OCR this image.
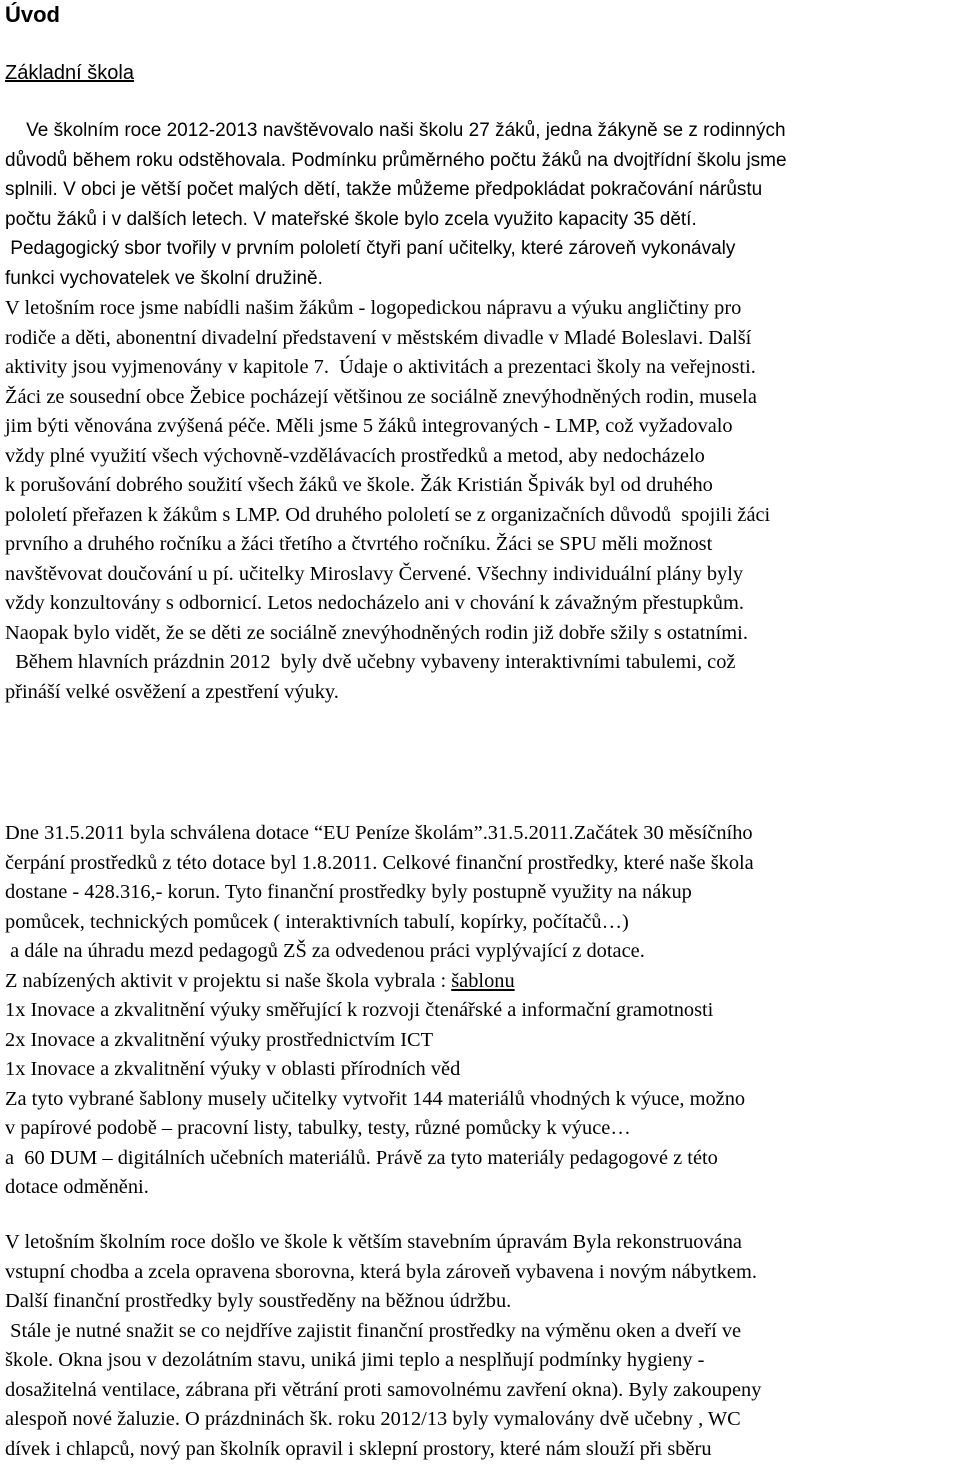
Úvod
Základní škola
Ve školním roce 2012-2013 navštěvovalo naši školu 27 žáků, jedna žákyně se z rodinných
důvodů během roku odstěhovala. Podmínku průměrného počtu žáků na dvojtřídní školu jsme
splnili. V obci je větší počet malých dětí, takže můžeme předpokládat pokračování nárůstu
počtu žáků i v dalších letech. V mateřské škole bylo zcela využito kapacity 35 dětí.
Pedagogický sbor tvořily v prvním pololetí čtyři paní učitelky, které zároveň vykonávaly
funkci vychovatelek ve školní družině.
V letošním roce jsme nabídli našim žákům - logopedickou nápravu a výuku angličtiny pro
rodiče a děti, abonentní divadelní představení v městském divadle v Mladé Boleslavi. Další
aktivity jsou vyjmenovány v kapitole 7.  Údaje o aktivitách a prezentaci školy na veřejnosti.
Žáci ze sousední obce Žebice pocházejí většinou ze sociálně znevýhodněných rodin, musela
jim býti věnována zvýšená péče. Měli jsme 5 žáků integrovaných - LMP, což vyžadovalo
vždy plné využití všech výchovně-vzdělávacích prostředků a metod, aby nedocházelo
k porušování dobrého soužití všech žáků ve škole. Žák Kristián Špivák byl od druhého
pololetí přeřazen k žákům s LMP. Od druhého pololetí se z organizačních důvodů  spojili žáci
prvního a druhého ročníku a žáci třetího a čtvrtého ročníku. Žáci se SPU měli možnost
navštěvovat doučování u pí. učitelky Miroslavy Červené. Všechny individuální plány byly
vždy konzultovány s odbornicí. Letos nedocházelo ani v chování k závažným přestupkům.
Naopak bylo vidět, že se děti ze sociálně znevýhodněných rodin již dobře sžily s ostatními.
Během hlavních prázdnin 2012  byly dvě učebny vybaveny interaktivními tabulemi, což
přináší velké osvěžení a zpestření výuky.
Dne 31.5.2011 byla schválena dotace “EU Peníze školám”.31.5.2011.Začátek 30 měsíčního
čerpání prostředků z této dotace byl 1.8.2011. Celkové finanční prostředky, které naše škola
dostane - 428.316,- korun. Tyto finanční prostředky byly postupně využity na nákup
pomůcek, technických pomůcek ( interaktivních tabulí, kopírky, počítačů…)
a dále na úhradu mezd pedagogů ZŠ za odvedenou práci vyplývající z dotace.
Z nabízených aktivit v projektu si naše škola vybrala : šablonu
1x Inovace a zkvalitnění výuky směřující k rozvoji čtenářské a informační gramotnosti
2x Inovace a zkvalitnění výuky prostřednictvím ICT
1x Inovace a zkvalitnění výuky v oblasti přírodních věd
Za tyto vybrané šablony musely učitelky vytvořit 144 materiálů vhodných k výuce, možno
v papírové podobě – pracovní listy, tabulky, testy, různé pomůcky k výuce…
a  60 DUM – digitálních učebních materiálů. Právě za tyto materiály pedagogové z této
dotace odměněni.
V letošním školním roce došlo ve škole k větším stavebním úpravám Byla rekonstruována
vstupní chodba a zcela opravena sborovna, která byla zároveň vybavena i novým nábytkem.
Další finanční prostředky byly soustředěny na běžnou údržbu.
Stále je nutné snažit se co nejdříve zajistit finanční prostředky na výměnu oken a dveří ve
škole. Okna jsou v dezolátním stavu, uniká jimi teplo a nesplňují podmínky hygieny -
dosažitelná ventilace, zábrana při větrání proti samovolnému zavření okna). Byly zakoupeny
alespoň nové žaluzie. O prázdninách šk. roku 2012/13 byly vymalovány dvě učebny , WC
dívek i chlapců, nový pan školník opravil i sklepní prostory, které nám slouží při sběru
